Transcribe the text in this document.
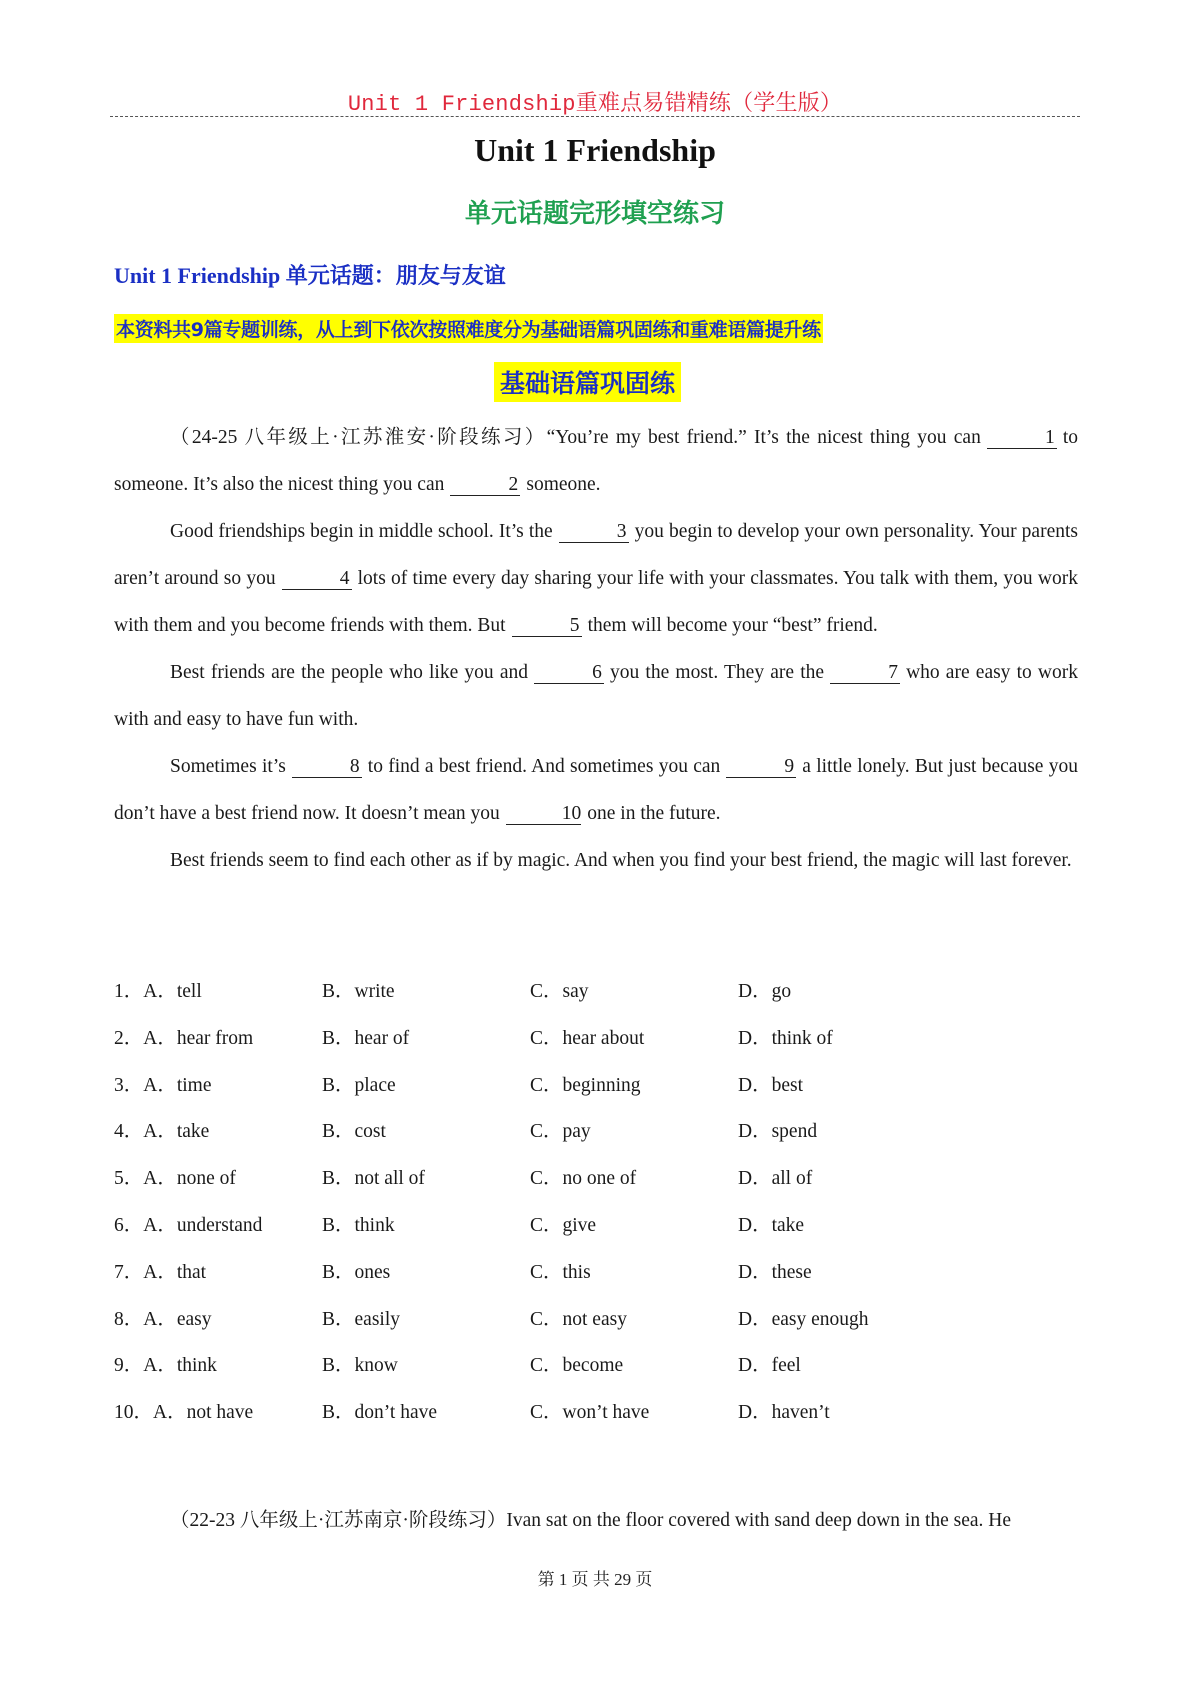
Unit 1 Friendship重难点易错精练（学生版）
Unit 1 Friendship
单元话题完形填空练习
Unit 1 Friendship 单元话题：朋友与友谊
本资料共9篇专题训练，从上到下依次按照难度分为基础语篇巩固练和重难语篇提升练
基础语篇巩固练

（24-25 八年级上·江苏淮安·阶段练习）“You’re my best friend.” It’s the nicest thing you can	1 to someone. It’s also the nicest thing you can	2 someone.

Good friendships begin in middle school. It’s the	3 you begin to develop your own personality. Your parents aren’t around so you	4 lots of time every day sharing your life with your classmates. You talk with them, you work with them and you become friends with them. But	5 them will become your “best” friend.

Best friends are the people who like you and	6 you the most. They are the	7 who are easy to work with and easy to have fun with.

Sometimes it’s	8 to find a best friend. And sometimes you can	9 a little lonely. But just because you don’t have a best friend now. It doesn’t mean you	10 one in the future.

Best friends seem to find each other as if by magic. And when you find your best friend, the magic will last forever.

1．A．tell	B．write	C．say	D．go
2．A．hear from	B．hear of	C．hear about	D．think of
3．A．time	B．place	C．beginning	D．best
4．A．take	B．cost	C．pay	D．spend
5．A．none of	B．not all of	C．no one of	D．all of
6．A．understand	B．think	C．give	D．take
7．A．that	B．ones	C．this	D．these
8．A．easy	B．easily	C．not easy	D．easy enough
9．A．think	B．know	C．become	D．feel
10．A．not have	B．don’t have	C．won’t have	D．haven’t
（22-23 八年级上·江苏南京·阶段练习）Ivan sat on the floor covered with sand deep down in the sea. He
第 1 页 共 29 页
